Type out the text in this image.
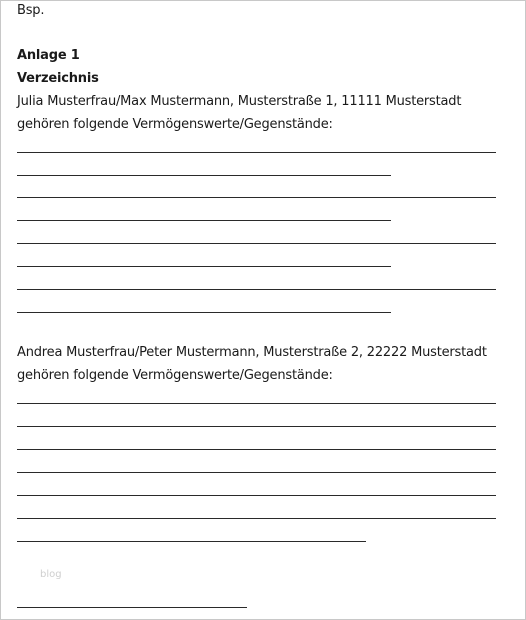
Bsp.
Anlage 1
Verzeichnis
Julia Musterfrau/Max Mustermann, Musterstraße 1, 11111 Musterstadt
gehören folgende Vermögenswerte/Gegenstände:
Andrea Musterfrau/Peter Mustermann, Musterstraße 2, 22222 Musterstadt
gehören folgende Vermögenswerte/Gegenstände:
blog
